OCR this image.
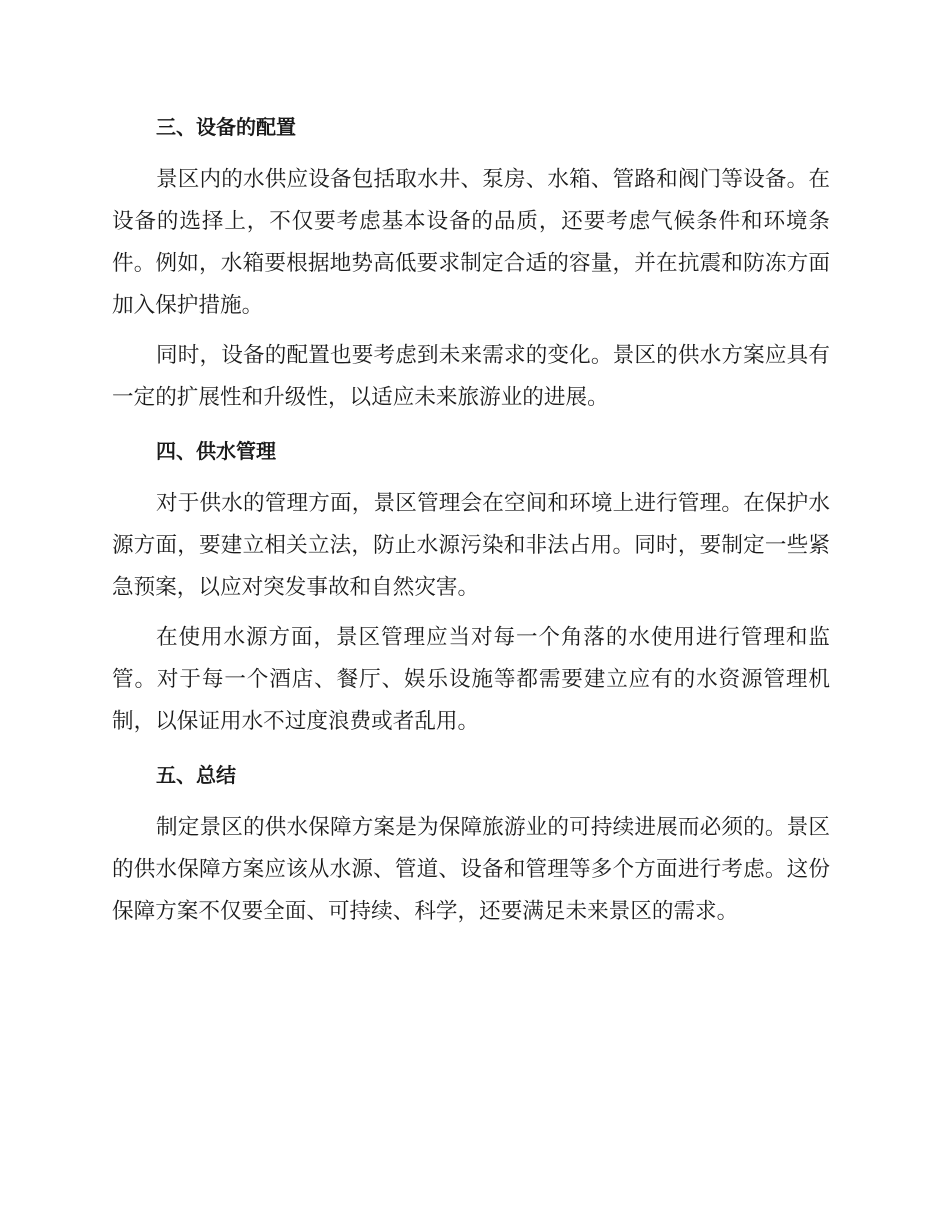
三、设备的配置

景区内的水供应设备包括取水井、泵房、水箱、管路和阀门等设备。在设备的选择上，不仅要考虑基本设备的品质，还要考虑气候条件和环境条件。例如，水箱要根据地势高低要求制定合适的容量，并在抗震和防冻方面加入保护措施。

同时，设备的配置也要考虑到未来需求的变化。景区的供水方案应具有一定的扩展性和升级性，以适应未来旅游业的进展。

四、供水管理

对于供水的管理方面，景区管理会在空间和环境上进行管理。在保护水源方面，要建立相关立法，防止水源污染和非法占用。同时，要制定一些紧急预案，以应对突发事故和自然灾害。

在使用水源方面，景区管理应当对每一个角落的水使用进行管理和监管。对于每一个酒店、餐厅、娱乐设施等都需要建立应有的水资源管理机制，以保证用水不过度浪费或者乱用。

五、总结

制定景区的供水保障方案是为保障旅游业的可持续进展而必须的。景区的供水保障方案应该从水源、管道、设备和管理等多个方面进行考虑。这份保障方案不仅要全面、可持续、科学，还要满足未来景区的需求。
